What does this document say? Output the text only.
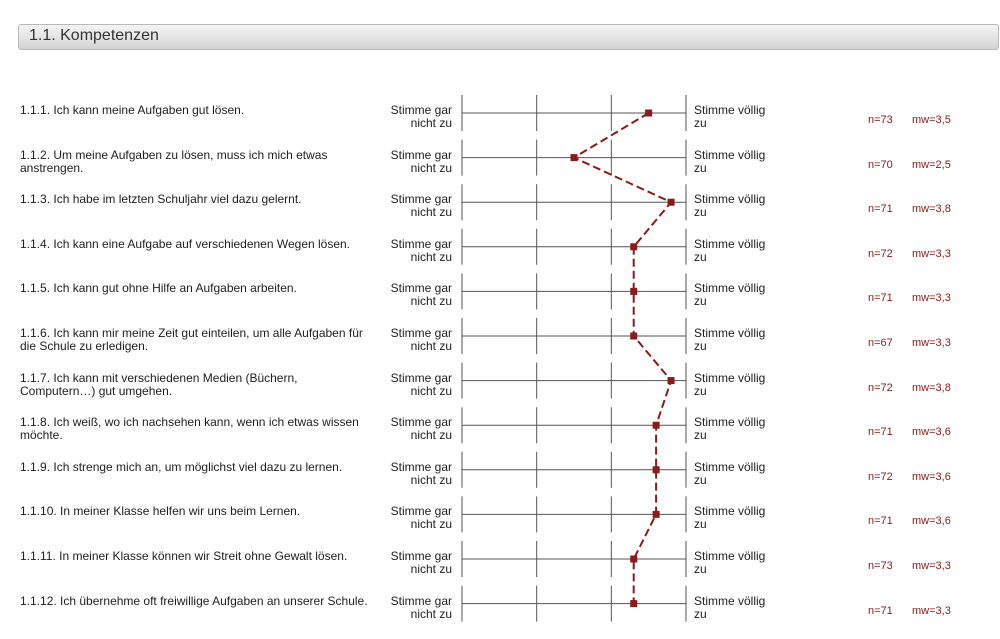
1.1. Kompetenzen
1.1.1. Ich kann meine Aufgaben gut lösen.	Stimme gar
nicht zu
Stimme völlig
zu	n=73 mw=3,5
1.1.2. Um meine Aufgaben zu lösen, muss ich mich etwas anstrengen.
Stimme gar
nicht zu
Stimme völlig
zu	n=70 mw=2,5
1.1.3. Ich habe im letzten Schuljahr viel dazu gelernt.	Stimme gar
nicht zu
Stimme völlig
zu	n=71 mw=3,8
1.1.4. Ich kann eine Aufgabe auf verschiedenen Wegen lösen.	Stimme gar
nicht zu
Stimme völlig
zu	n=72 mw=3,3
1.1.5. Ich kann gut ohne Hilfe an Aufgaben arbeiten.	Stimme gar
nicht zu
Stimme völlig
zu	n=71 mw=3,3
1.1.6. Ich kann mir meine Zeit gut einteilen, um alle Aufgaben für die Schule zu erledigen.
Stimme gar
nicht zu
Stimme völlig
zu	n=67 mw=3,3
1.1.7. Ich kann mit verschiedenen Medien (Büchern, Computern…) gut umgehen.
Stimme gar
nicht zu
Stimme völlig
zu	n=72 mw=3,8
1.1.8. Ich weiß, wo ich nachsehen kann, wenn ich etwas wissen möchte.
Stimme gar
nicht zu
Stimme völlig
zu	n=71 mw=3,6
1.1.9. Ich strenge mich an, um möglichst viel dazu zu lernen.	Stimme gar
nicht zu
Stimme völlig
zu	n=72 mw=3,6
1.1.10. In meiner Klasse helfen wir uns beim Lernen.	Stimme gar
nicht zu
Stimme völlig
zu	n=71 mw=3,6
1.1.11. In meiner Klasse können wir Streit ohne Gewalt lösen.	Stimme gar
nicht zu
Stimme völlig
zu	n=73 mw=3,3
1.1.12. Ich übernehme oft freiwillige Aufgaben an unserer Schule.	Stimme gar
nicht zu
Stimme völlig
zu	n=71 mw=3,3
